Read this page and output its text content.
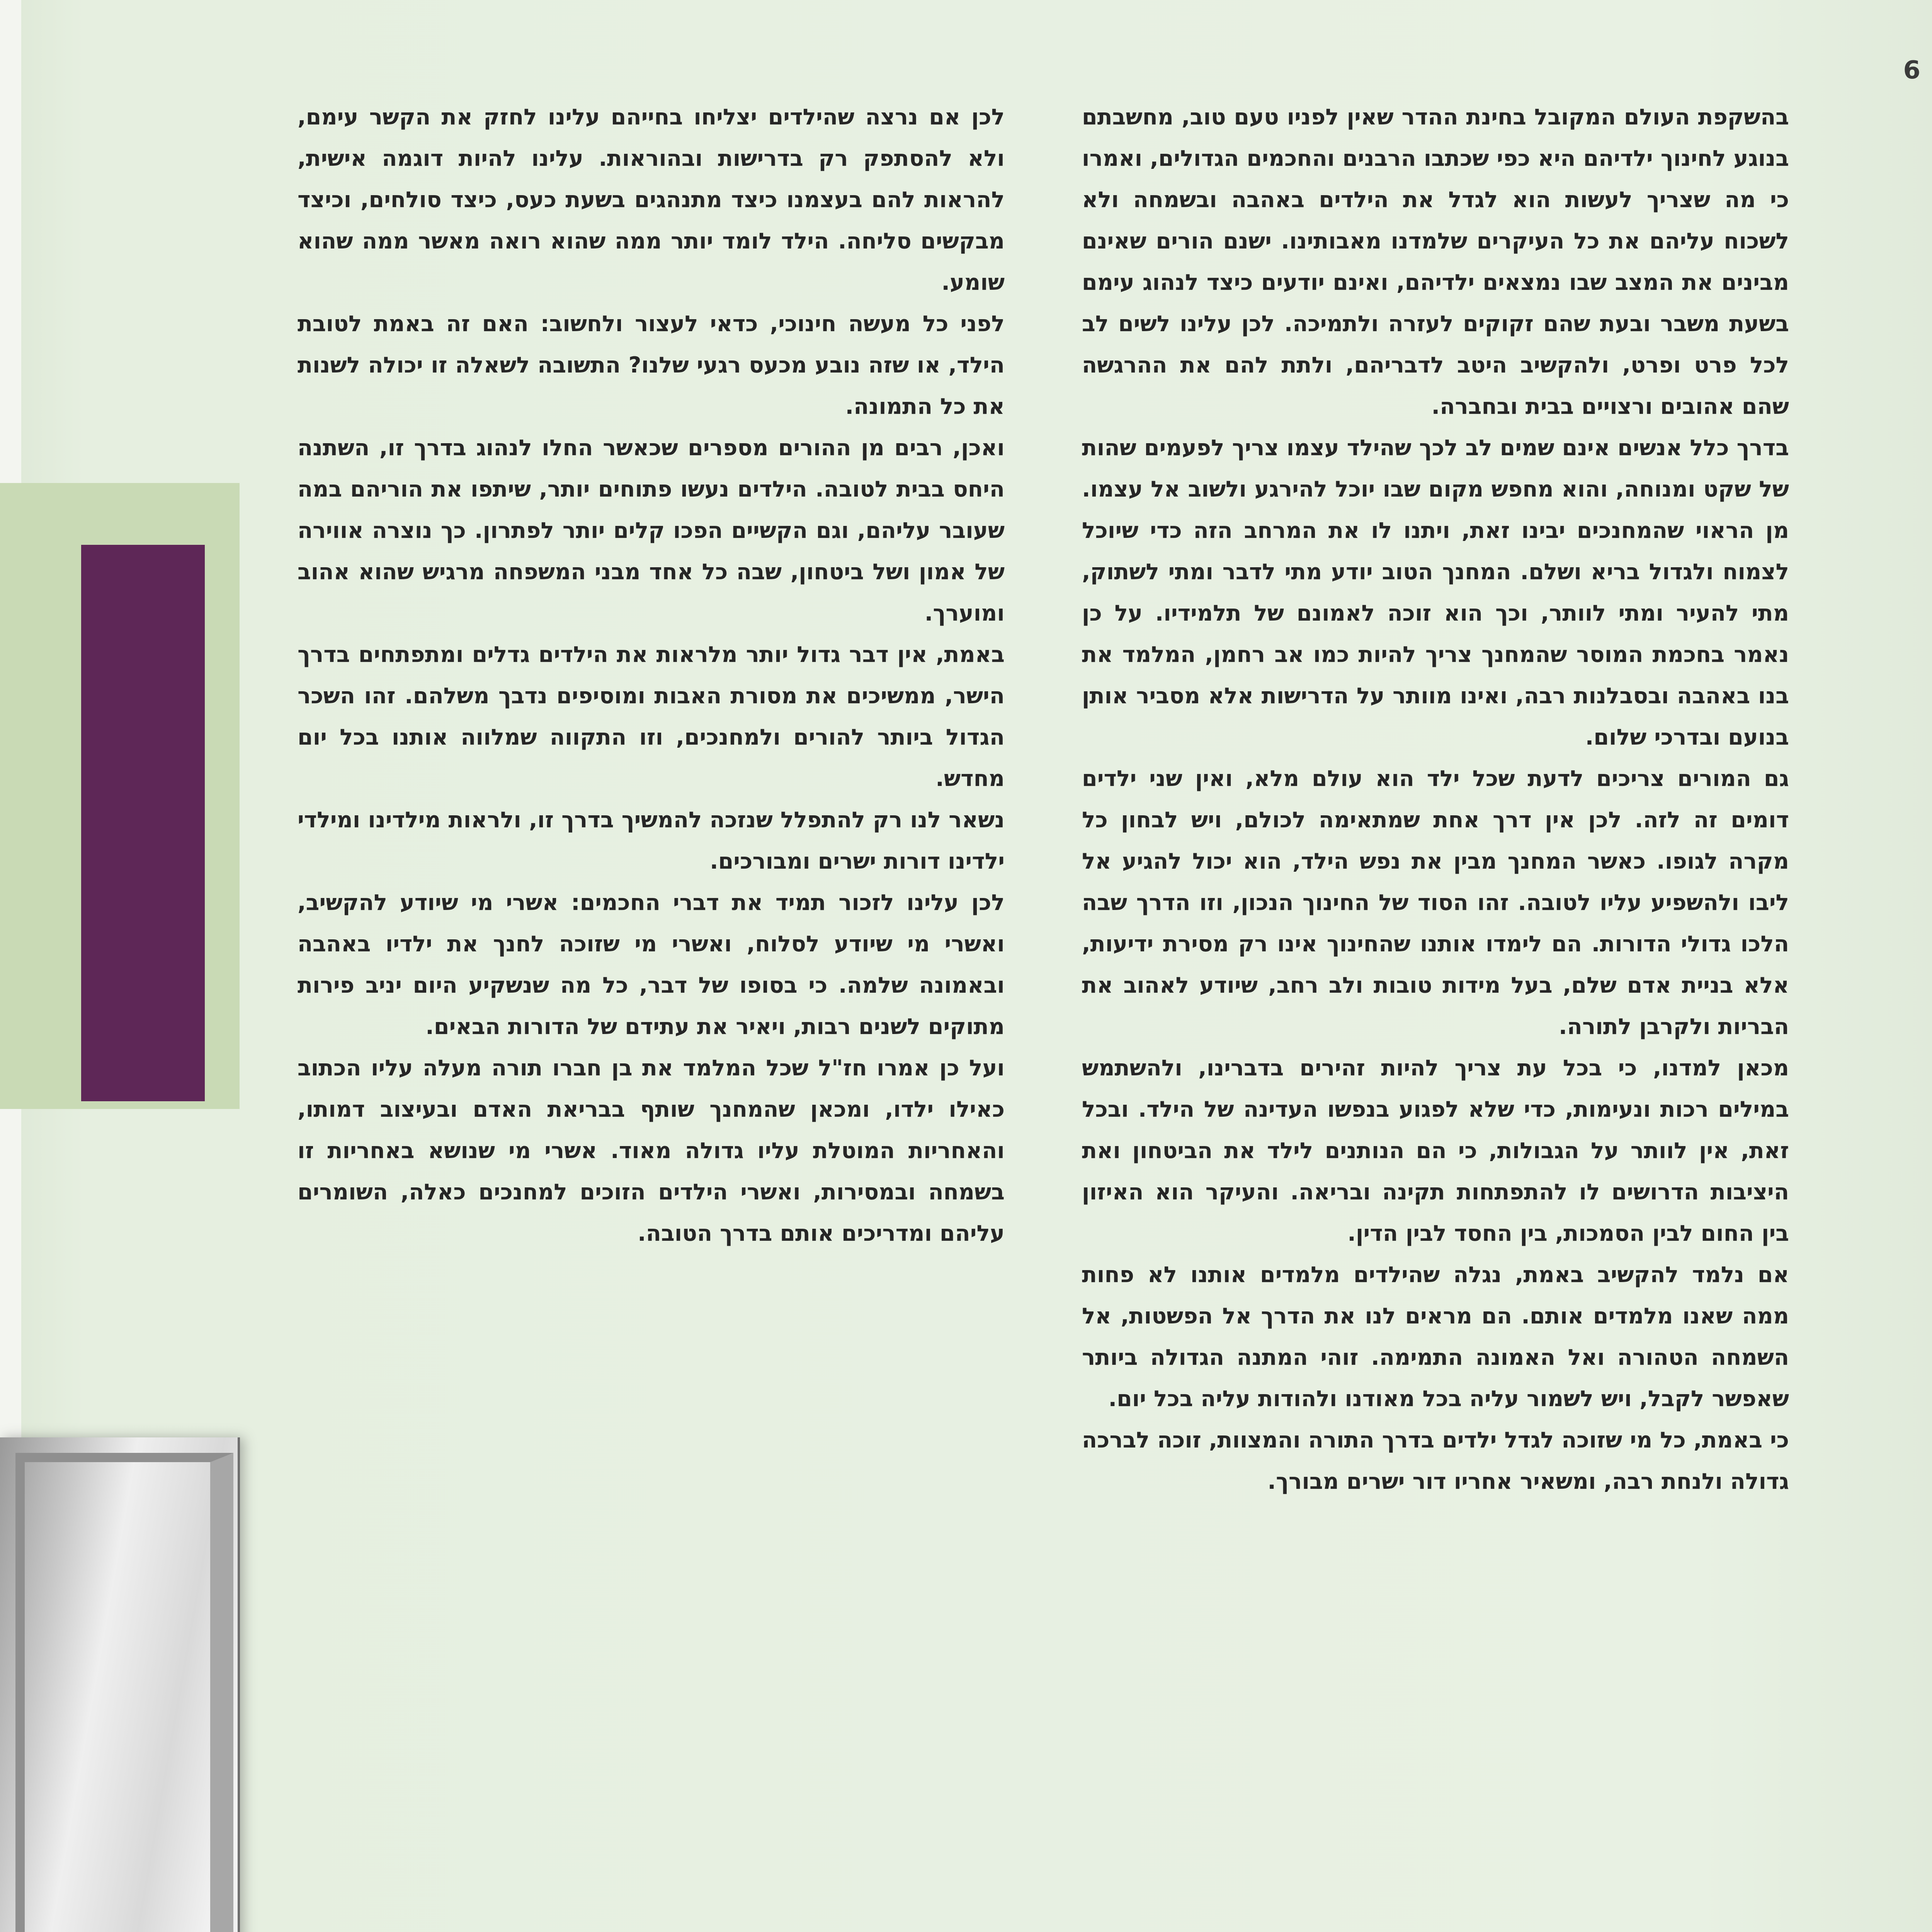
6

בהשקפת העולם המקובל בחינת ההדר שאין לפניו טעם טוב, מחשבתם בנוגע לחינוך ילדיהם היא כפי שכתבו הרבנים והחכמים הגדולים, ואמרו כי מה שצריך לעשות הוא לגדל את הילדים באהבה ובשמחה ולא לשכוח עליהם את כל העיקרים שלמדנו מאבותינו. ישנם הורים שאינם מבינים את המצב שבו נמצאים ילדיהם, ואינם יודעים כיצד לנהוג עימם בשעת משבר ובעת שהם זקוקים לעזרה ולתמיכה. לכן עלינו לשים לב לכל פרט ופרט, ולהקשיב היטב לדבריהם, ולתת להם את ההרגשה שהם אהובים ורצויים בבית ובחברה.

בדרך כלל אנשים אינם שמים לב לכך שהילד עצמו צריך לפעמים שהות של שקט ומנוחה, והוא מחפש מקום שבו יוכל להירגע ולשוב אל עצמו. מן הראוי שהמחנכים יבינו זאת, ויתנו לו את המרחב הזה כדי שיוכל לצמוח ולגדול בריא ושלם. המחנך הטוב יודע מתי לדבר ומתי לשתוק, מתי להעיר ומתי לוותר, וכך הוא זוכה לאמונם של תלמידיו. על כן נאמר בחכמת המוסר שהמחנך צריך להיות כמו אב רחמן, המלמד את בנו באהבה ובסבלנות רבה, ואינו מוותר על הדרישות אלא מסביר אותן בנועם ובדרכי שלום.

גם המורים צריכים לדעת שכל ילד הוא עולם מלא, ואין שני ילדים דומים זה לזה. לכן אין דרך אחת שמתאימה לכולם, ויש לבחון כל מקרה לגופו. כאשר המחנך מבין את נפש הילד, הוא יכול להגיע אל ליבו ולהשפיע עליו לטובה. זהו הסוד של החינוך הנכון, וזו הדרך שבה הלכו גדולי הדורות. הם לימדו אותנו שהחינוך אינו רק מסירת ידיעות, אלא בניית אדם שלם, בעל מידות טובות ולב רחב, שיודע לאהוב את הבריות ולקרבן לתורה.

מכאן למדנו, כי בכל עת צריך להיות זהירים בדברינו, ולהשתמש במילים רכות ונעימות, כדי שלא לפגוע בנפשו העדינה של הילד. ובכל זאת, אין לוותר על הגבולות, כי הם הנותנים לילד את הביטחון ואת היציבות הדרושים לו להתפתחות תקינה ובריאה. והעיקר הוא האיזון בין החום לבין הסמכות, בין החסד לבין הדין.

אם נלמד להקשיב באמת, נגלה שהילדים מלמדים אותנו לא פחות ממה שאנו מלמדים אותם. הם מראים לנו את הדרך אל הפשטות, אל השמחה הטהורה ואל האמונה התמימה. זוהי המתנה הגדולה ביותר שאפשר לקבל, ויש לשמור עליה בכל מאודנו ולהודות עליה בכל יום.

כי באמת, כל מי שזוכה לגדל ילדים בדרך התורה והמצוות, זוכה לברכה גדולה ולנחת רבה, ומשאיר אחריו דור ישרים מבורך.

לכן אם נרצה שהילדים יצליחו בחייהם עלינו לחזק את הקשר עימם, ולא להסתפק רק בדרישות ובהוראות. עלינו להיות דוגמה אישית, להראות להם בעצמנו כיצד מתנהגים בשעת כעס, כיצד סולחים, וכיצד מבקשים סליחה. הילד לומד יותר ממה שהוא רואה מאשר ממה שהוא שומע.

לפני כל מעשה חינוכי, כדאי לעצור ולחשוב: האם זה באמת לטובת הילד, או שזה נובע מכעס רגעי שלנו? התשובה לשאלה זו יכולה לשנות את כל התמונה.

ואכן, רבים מן ההורים מספרים שכאשר החלו לנהוג בדרך זו, השתנה היחס בבית לטובה. הילדים נעשו פתוחים יותר, שיתפו את הוריהם במה שעובר עליהם, וגם הקשיים הפכו קלים יותר לפתרון. כך נוצרה אווירה של אמון ושל ביטחון, שבה כל אחד מבני המשפחה מרגיש שהוא אהוב ומוערך.

באמת, אין דבר גדול יותר מלראות את הילדים גדלים ומתפתחים בדרך הישר, ממשיכים את מסורת האבות ומוסיפים נדבך משלהם. זהו השכר הגדול ביותר להורים ולמחנכים, וזו התקווה שמלווה אותנו בכל יום מחדש.

נשאר לנו רק להתפלל שנזכה להמשיך בדרך זו, ולראות מילדינו ומילדי ילדינו דורות ישרים ומבורכים.

לכן עלינו לזכור תמיד את דברי החכמים: אשרי מי שיודע להקשיב, ואשרי מי שיודע לסלוח, ואשרי מי שזוכה לחנך את ילדיו באהבה ובאמונה שלמה. כי בסופו של דבר, כל מה שנשקיע היום יניב פירות מתוקים לשנים רבות, ויאיר את עתידם של הדורות הבאים.

ועל כן אמרו חז"ל שכל המלמד את בן חברו תורה מעלה עליו הכתוב כאילו ילדו, ומכאן שהמחנך שותף בבריאת האדם ובעיצוב דמותו, והאחריות המוטלת עליו גדולה מאוד. אשרי מי שנושא באחריות זו בשמחה ובמסירות, ואשרי הילדים הזוכים למחנכים כאלה, השומרים עליהם ומדריכים אותם בדרך הטובה.
